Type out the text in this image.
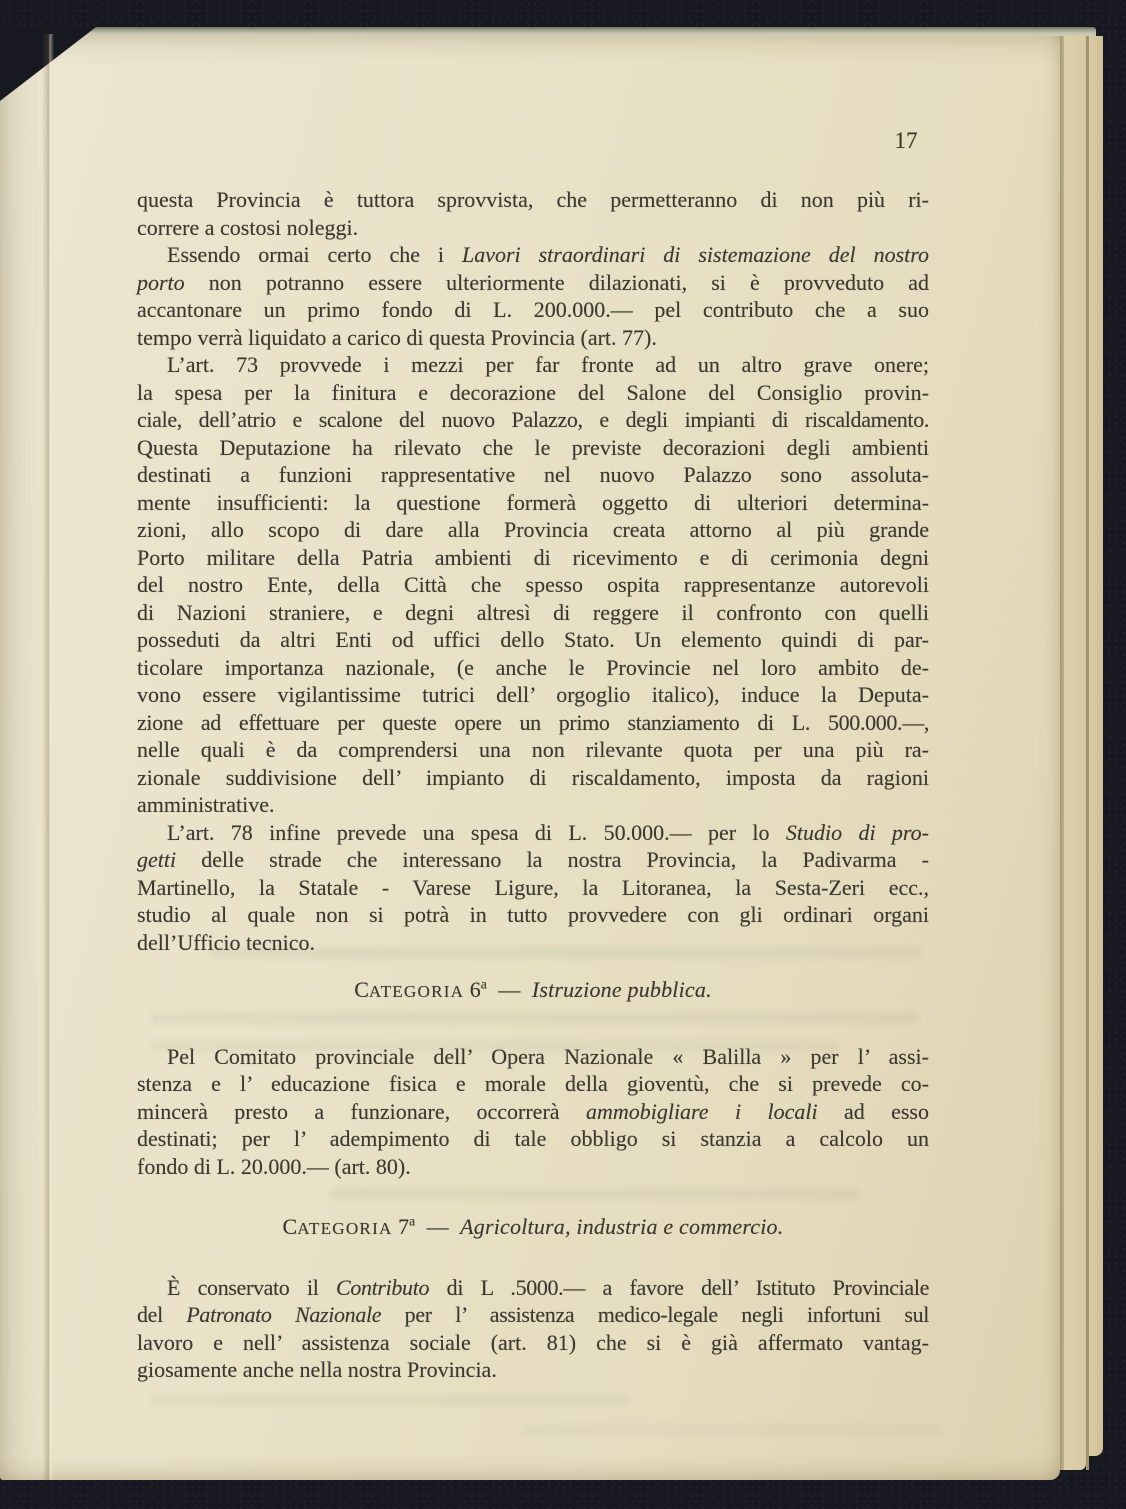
17
questa Provincia è tuttora sprovvista, che permetteranno di non più ri-
correre a costosi noleggi.
Essendo ormai certo che i Lavori straordinari di sistemazione del nostro
porto non potranno essere ulteriormente dilazionati, si è provveduto ad
accantonare un primo fondo di L. 200.000.— pel contributo che a suo
tempo verrà liquidato a carico di questa Provincia (art. 77).
L’art. 73 provvede i mezzi per far fronte ad un altro grave onere;
la spesa per la finitura e decorazione del Salone del Consiglio provin-
ciale, dell’atrio e scalone del nuovo Palazzo, e degli impianti di riscaldamento.
Questa Deputazione ha rilevato che le previste decorazioni degli ambienti
destinati a funzioni rappresentative nel nuovo Palazzo sono assoluta-
mente insufficienti: la questione formerà oggetto di ulteriori determina-
zioni, allo scopo di dare alla Provincia creata attorno al più grande
Porto militare della Patria ambienti di ricevimento e di cerimonia degni
del nostro Ente, della Città che spesso ospita rappresentanze autorevoli
di Nazioni straniere, e degni altresì di reggere il confronto con quelli
posseduti da altri Enti od uffici dello Stato. Un elemento quindi di par-
ticolare importanza nazionale, (e anche le Provincie nel loro ambito de-
vono essere vigilantissime tutrici dell’ orgoglio italico), induce la Deputa-
zione ad effettuare per queste opere un primo stanziamento di L. 500.000.—,
nelle quali è da comprendersi una non rilevante quota per una più ra-
zionale suddivisione dell’ impianto di riscaldamento, imposta da ragioni
amministrative.
L’art. 78 infine prevede una spesa di L. 50.000.— per lo Studio di pro-
getti delle strade che interessano la nostra Provincia, la Padivarma -
Martinello, la Statale - Varese Ligure, la Litoranea, la Sesta-Zeri ecc.,
studio al quale non si potrà in tutto provvedere con gli ordinari organi
dell’Ufficio tecnico.
CATEGORIA 6$^a$ — Istruzione pubblica.
Pel Comitato provinciale dell’ Opera Nazionale « Balilla » per l’ assi-
stenza e l’ educazione fisica e morale della gioventù, che si prevede co-
mincerà presto a funzionare, occorrerà ammobigliare i locali ad esso
destinati; per l’ adempimento di tale obbligo si stanzia a calcolo un
fondo di L. 20.000.— (art. 80).
CATEGORIA 7$^a$ — Agricoltura, industria e commercio.
È conservato il Contributo di L .5000.— a favore dell’ Istituto Provinciale
del Patronato Nazionale per l’ assistenza medico-legale negli infortuni sul
lavoro e nell’ assistenza sociale (art. 81) che si è già affermato vantag-
giosamente anche nella nostra Provincia.
